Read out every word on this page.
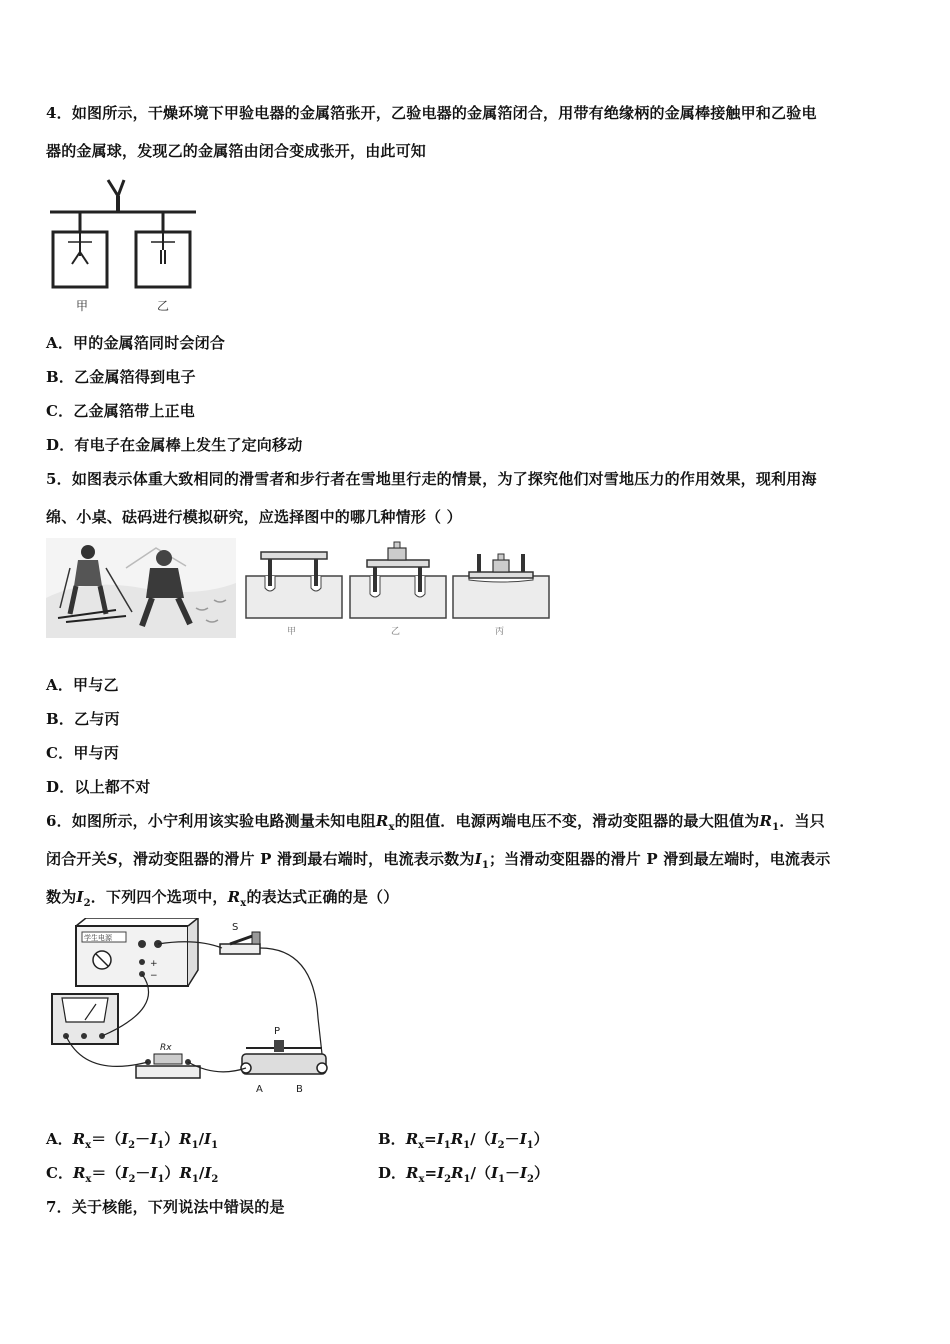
4．如图所示，干燥环境下甲验电器的金属箔张开，乙验电器的金属箔闭合，用带有绝缘柄的金属棒接触甲和乙验电
器的金属球，发现乙的金属箔由闭合变成张开，由此可知
甲	乙
A．甲的金属箔同时会闭合
B．乙金属箔得到电子
C．乙金属箔带上正电
D．有电子在金属棒上发生了定向移动
5．如图表示体重大致相同的滑雪者和步行者在雪地里行走的情景，为了探究他们对雪地压力的作用效果，现利用海
绵、小桌、砝码进行模拟研究，应选择图中的哪几种情形（ ）
甲	乙	丙
A．甲与乙
B．乙与丙
C．甲与丙
D．以上都不对
6．如图所示，小宁利用该实验电路测量未知电阻$R_x$的阻值．电源两端电压不变，滑动变阻器的最大阻值为$R_1$．当只
闭合开关S，滑动变阻器的滑片 P 滑到最右端时，电流表示数为$I_1$；当滑动变阻器的滑片 P 滑到最左端时，电流表示
数为$I_2$．下列四个选项中，$R_x$的表达式正确的是（）
学生电源
+
−
S
Rx
P
A	B
A．$R_x=(I_2-I_1)R_1/I_1$	B．$R_x=I_1R_1/(I_2-I_1)$
C．$R_x=(I_2-I_1)R_1/I_2$	D．$R_x=I_2R_1/(I_1-I_2)$
7．关于核能，下列说法中错误的是
